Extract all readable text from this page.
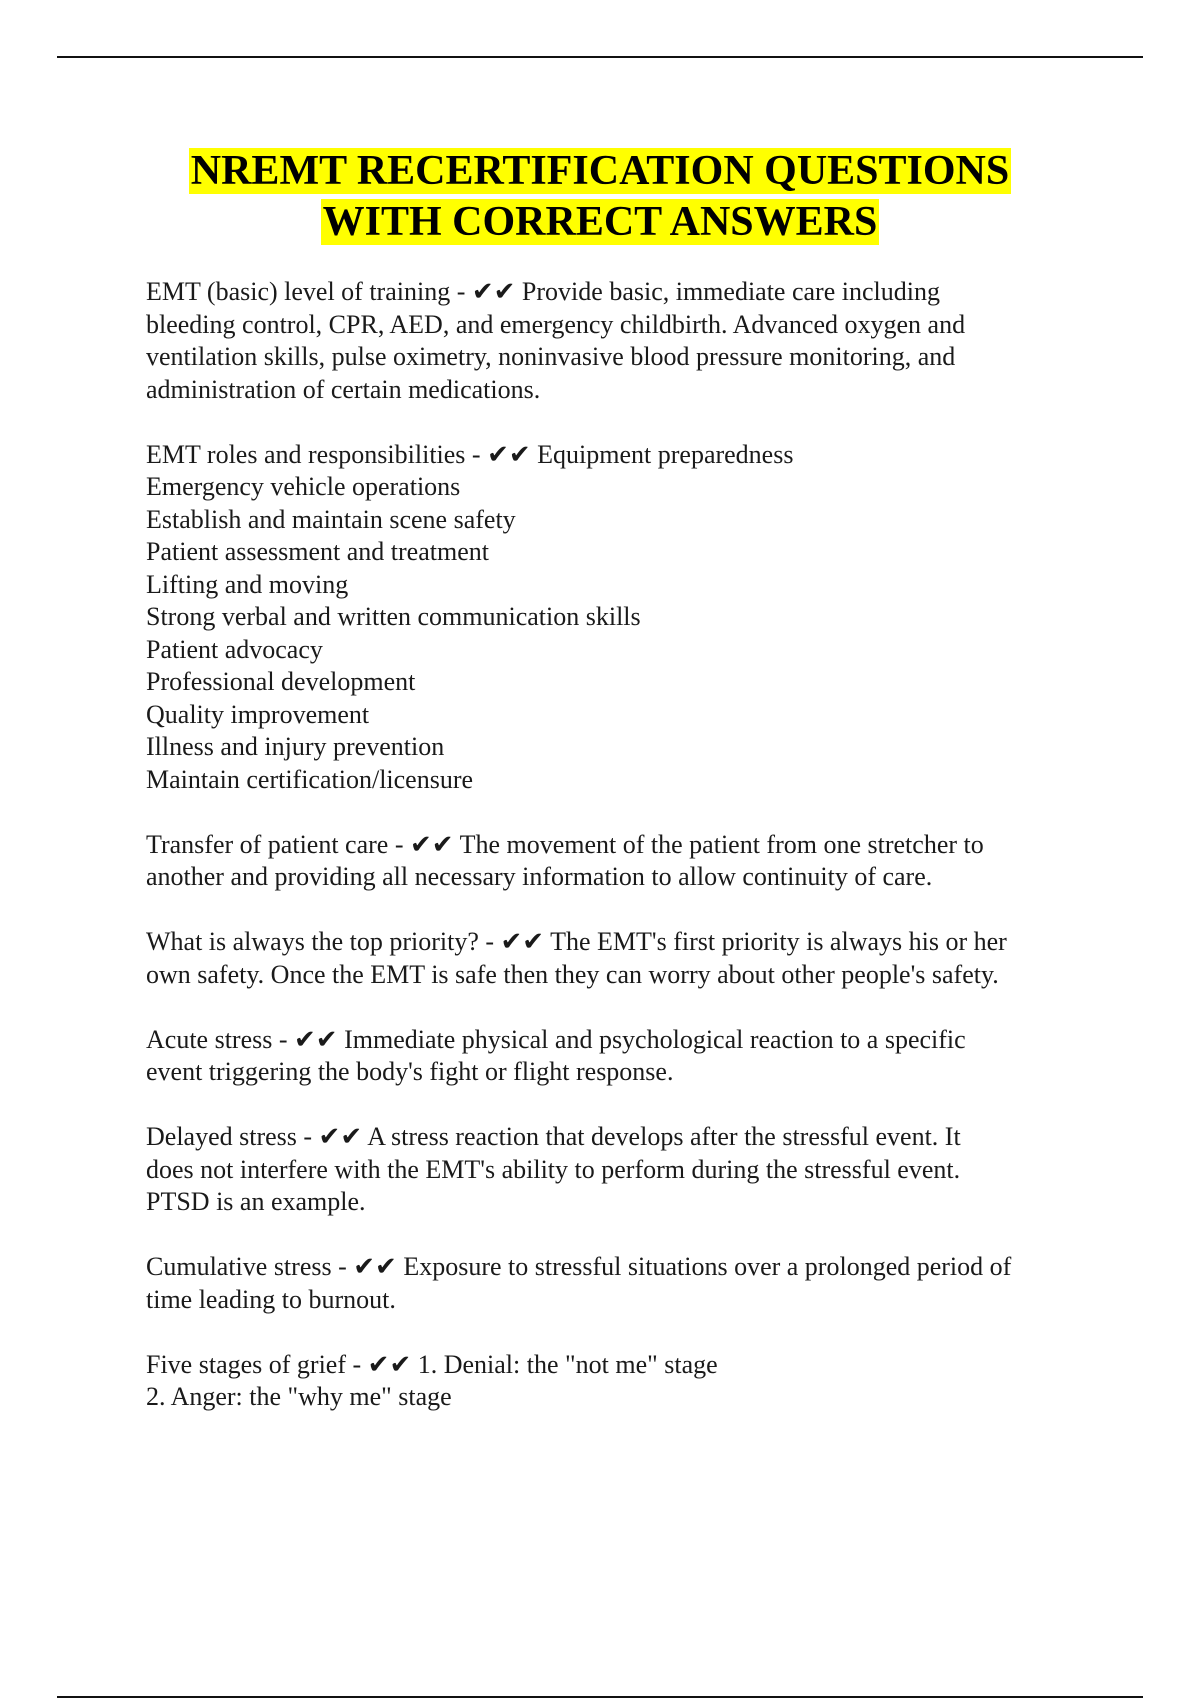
NREMT RECERTIFICATION QUESTIONS
WITH CORRECT ANSWERS
EMT (basic) level of training - ✔✔ Provide basic, immediate care including
bleeding control, CPR, AED, and emergency childbirth. Advanced oxygen and
ventilation skills, pulse oximetry, noninvasive blood pressure monitoring, and
administration of certain medications.
EMT roles and responsibilities - ✔✔ Equipment preparedness
Emergency vehicle operations
Establish and maintain scene safety
Patient assessment and treatment
Lifting and moving
Strong verbal and written communication skills
Patient advocacy
Professional development
Quality improvement
Illness and injury prevention
Maintain certification/licensure
Transfer of patient care - ✔✔ The movement of the patient from one stretcher to
another and providing all necessary information to allow continuity of care.
What is always the top priority? - ✔✔ The EMT's first priority is always his or her
own safety. Once the EMT is safe then they can worry about other people's safety.
Acute stress - ✔✔ Immediate physical and psychological reaction to a specific
event triggering the body's fight or flight response.
Delayed stress - ✔✔ A stress reaction that develops after the stressful event. It
does not interfere with the EMT's ability to perform during the stressful event.
PTSD is an example.
Cumulative stress - ✔✔ Exposure to stressful situations over a prolonged period of
time leading to burnout.
Five stages of grief - ✔✔ 1. Denial: the "not me" stage
2. Anger: the "why me" stage
